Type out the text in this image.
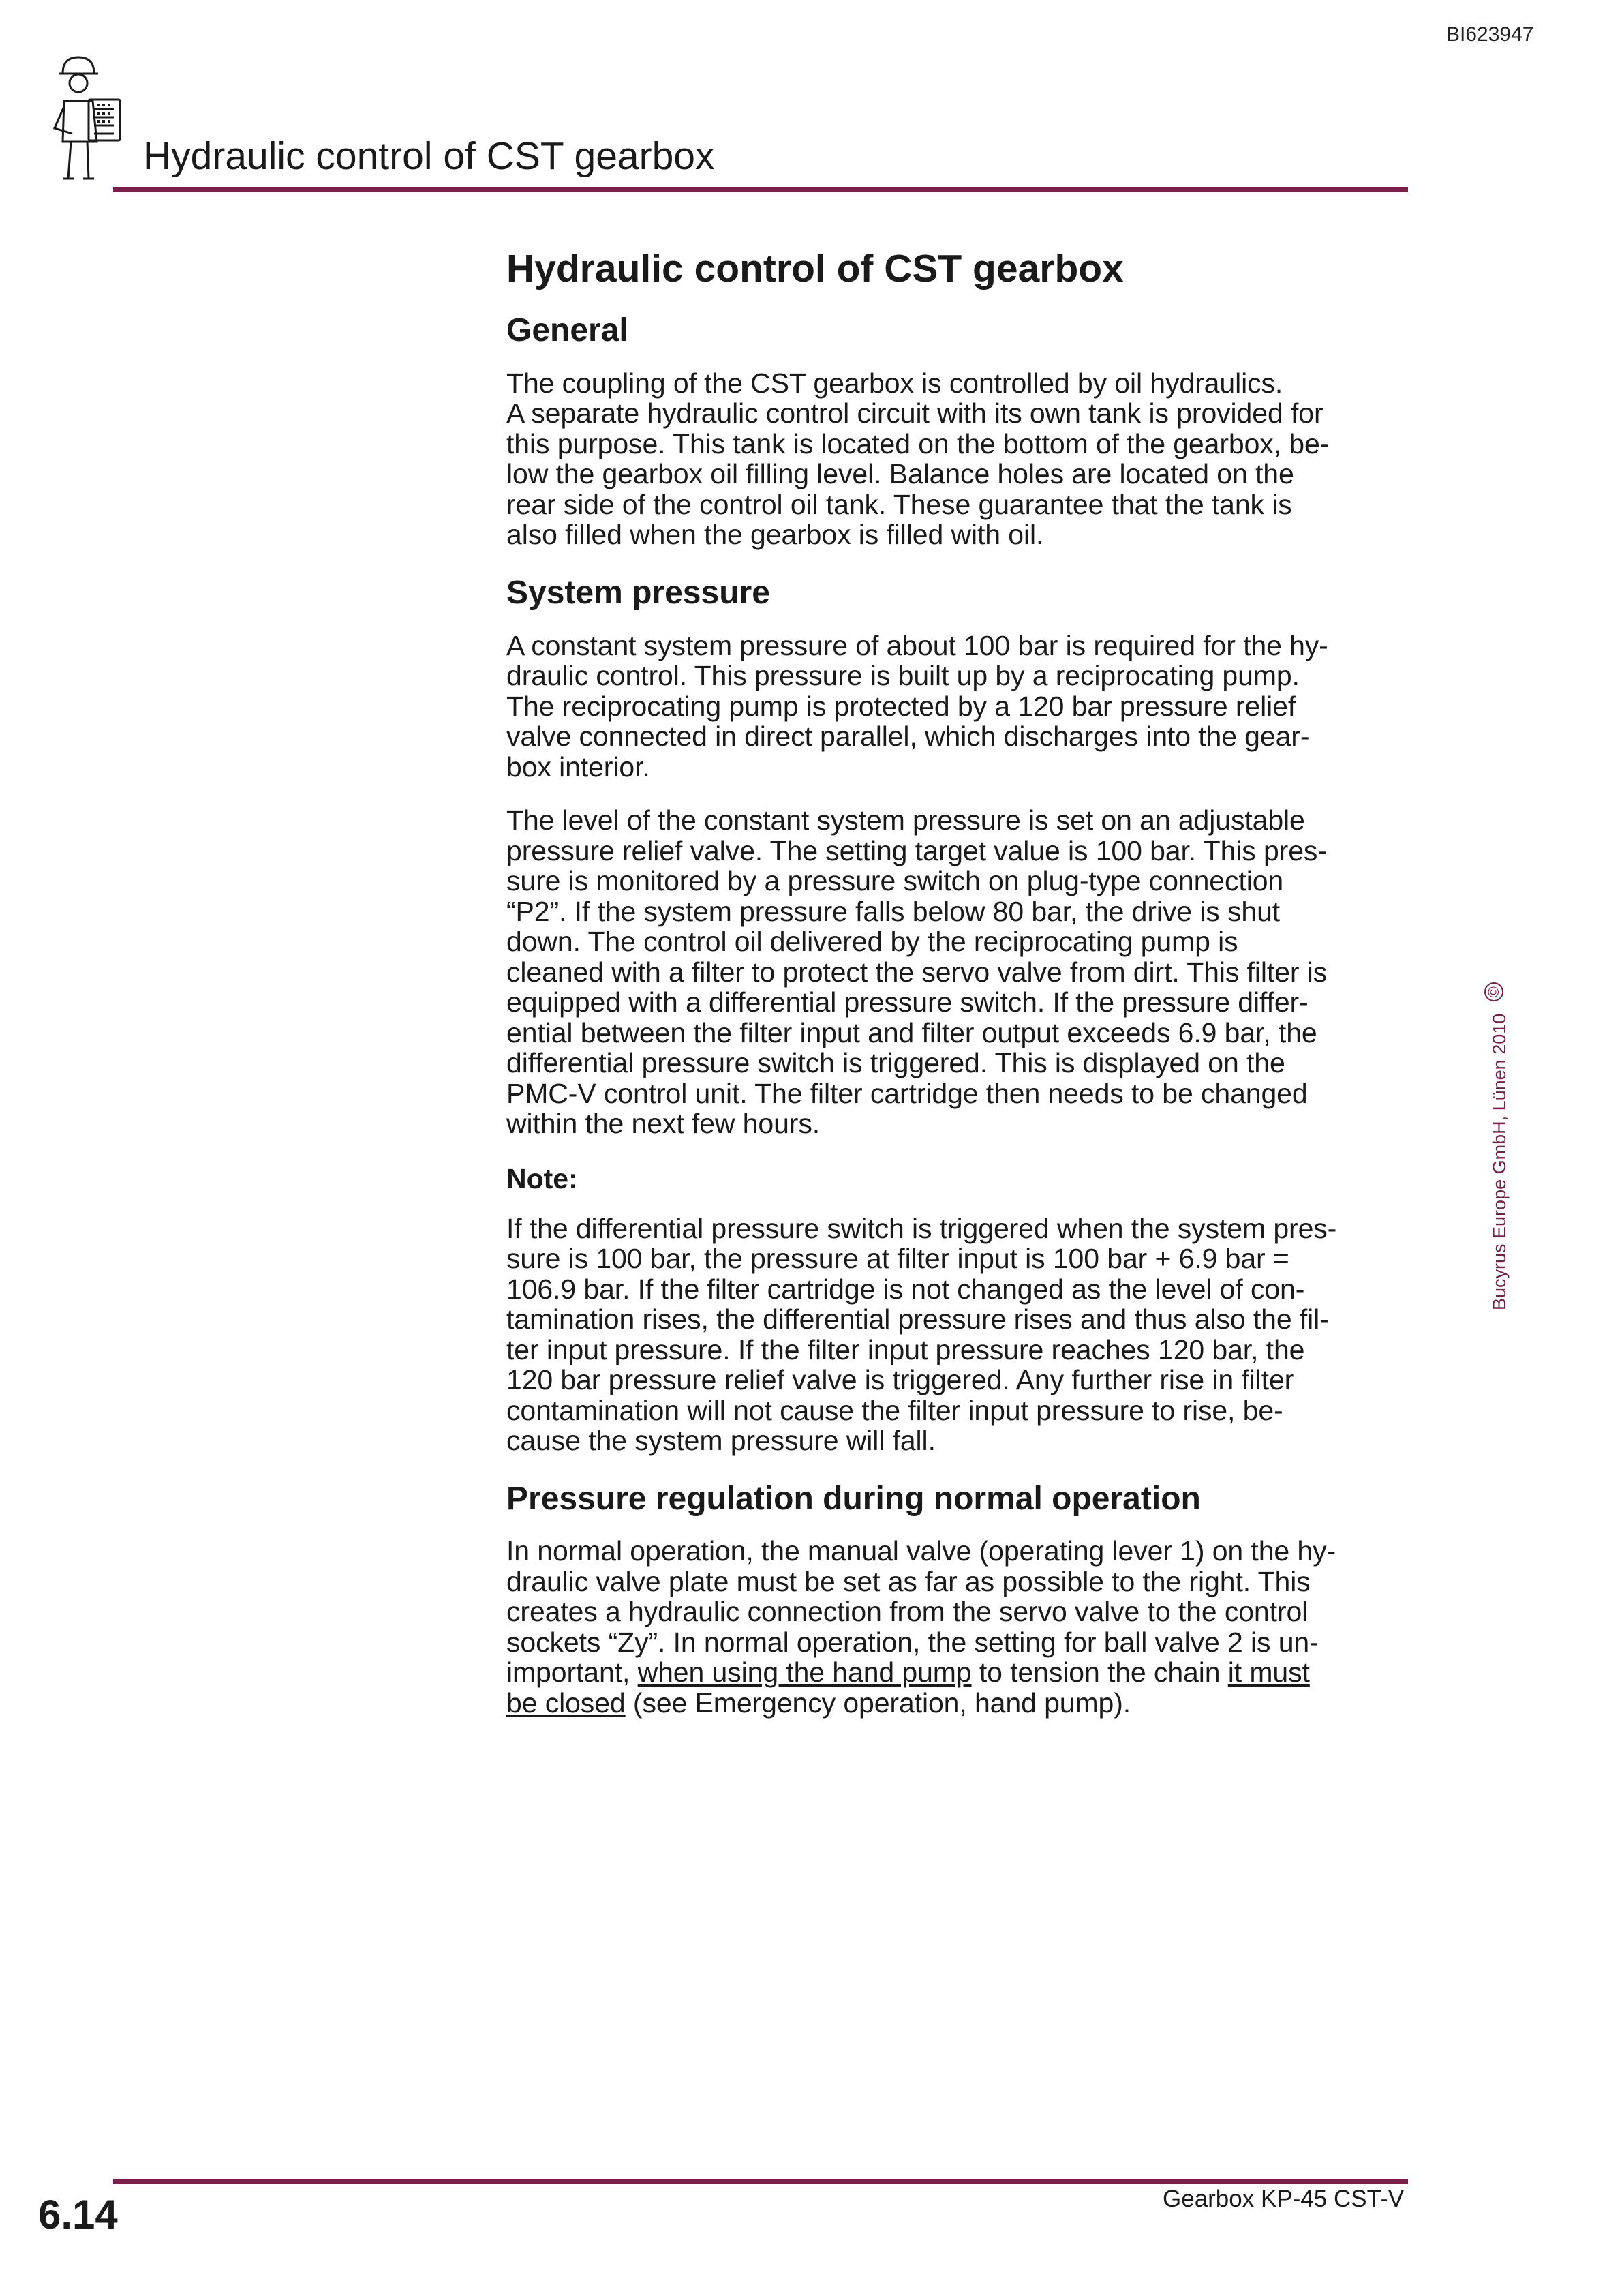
BI623947
Hydraulic control of CST gearbox
Hydraulic control of CST gearbox
General

The coupling of the CST gearbox is controlled by oil hydraulics.
A separate hydraulic control circuit with its own tank is provided for
this purpose. This tank is located on the bottom of the gearbox, be-
low the gearbox oil filling level. Balance holes are located on the
rear side of the control oil tank. These guarantee that the tank is
also filled when the gearbox is filled with oil.

System pressure

A constant system pressure of about 100 bar is required for the hy-
draulic control. This pressure is built up by a reciprocating pump.
The reciprocating pump is protected by a 120 bar pressure relief
valve connected in direct parallel, which discharges into the gear-
box interior.

The level of the constant system pressure is set on an adjustable
pressure relief valve. The setting target value is 100 bar. This pres-
sure is monitored by a pressure switch on plug-type connection
“P2”. If the system pressure falls below 80 bar, the drive is shut
down. The control oil delivered by the reciprocating pump is
cleaned with a filter to protect the servo valve from dirt. This filter is
equipped with a differential pressure switch. If the pressure differ-
ential between the filter input and filter output exceeds 6.9 bar, the
differential pressure switch is triggered. This is displayed on the
PMC-V control unit. The filter cartridge then needs to be changed
within the next few hours.

Note:

If the differential pressure switch is triggered when the system pres-
sure is 100 bar, the pressure at filter input is 100 bar + 6.9 bar =
106.9 bar. If the filter cartridge is not changed as the level of con-
tamination rises, the differential pressure rises and thus also the fil-
ter input pressure. If the filter input pressure reaches 120 bar, the
120 bar pressure relief valve is triggered. Any further rise in filter
contamination will not cause the filter input pressure to rise, be-
cause the system pressure will fall.

Pressure regulation during normal operation

In normal operation, the manual valve (operating lever 1) on the hy-
draulic valve plate must be set as far as possible to the right. This
creates a hydraulic connection from the servo valve to the control
sockets “Zy”. In normal operation, the setting for ball valve 2 is un-
important, when using the hand pump to tension the chain it must
be closed (see Emergency operation, hand pump).

Bucyrus Europe GmbH, Lünen 2010 ©
6.14	Gearbox KP-45 CST-V
